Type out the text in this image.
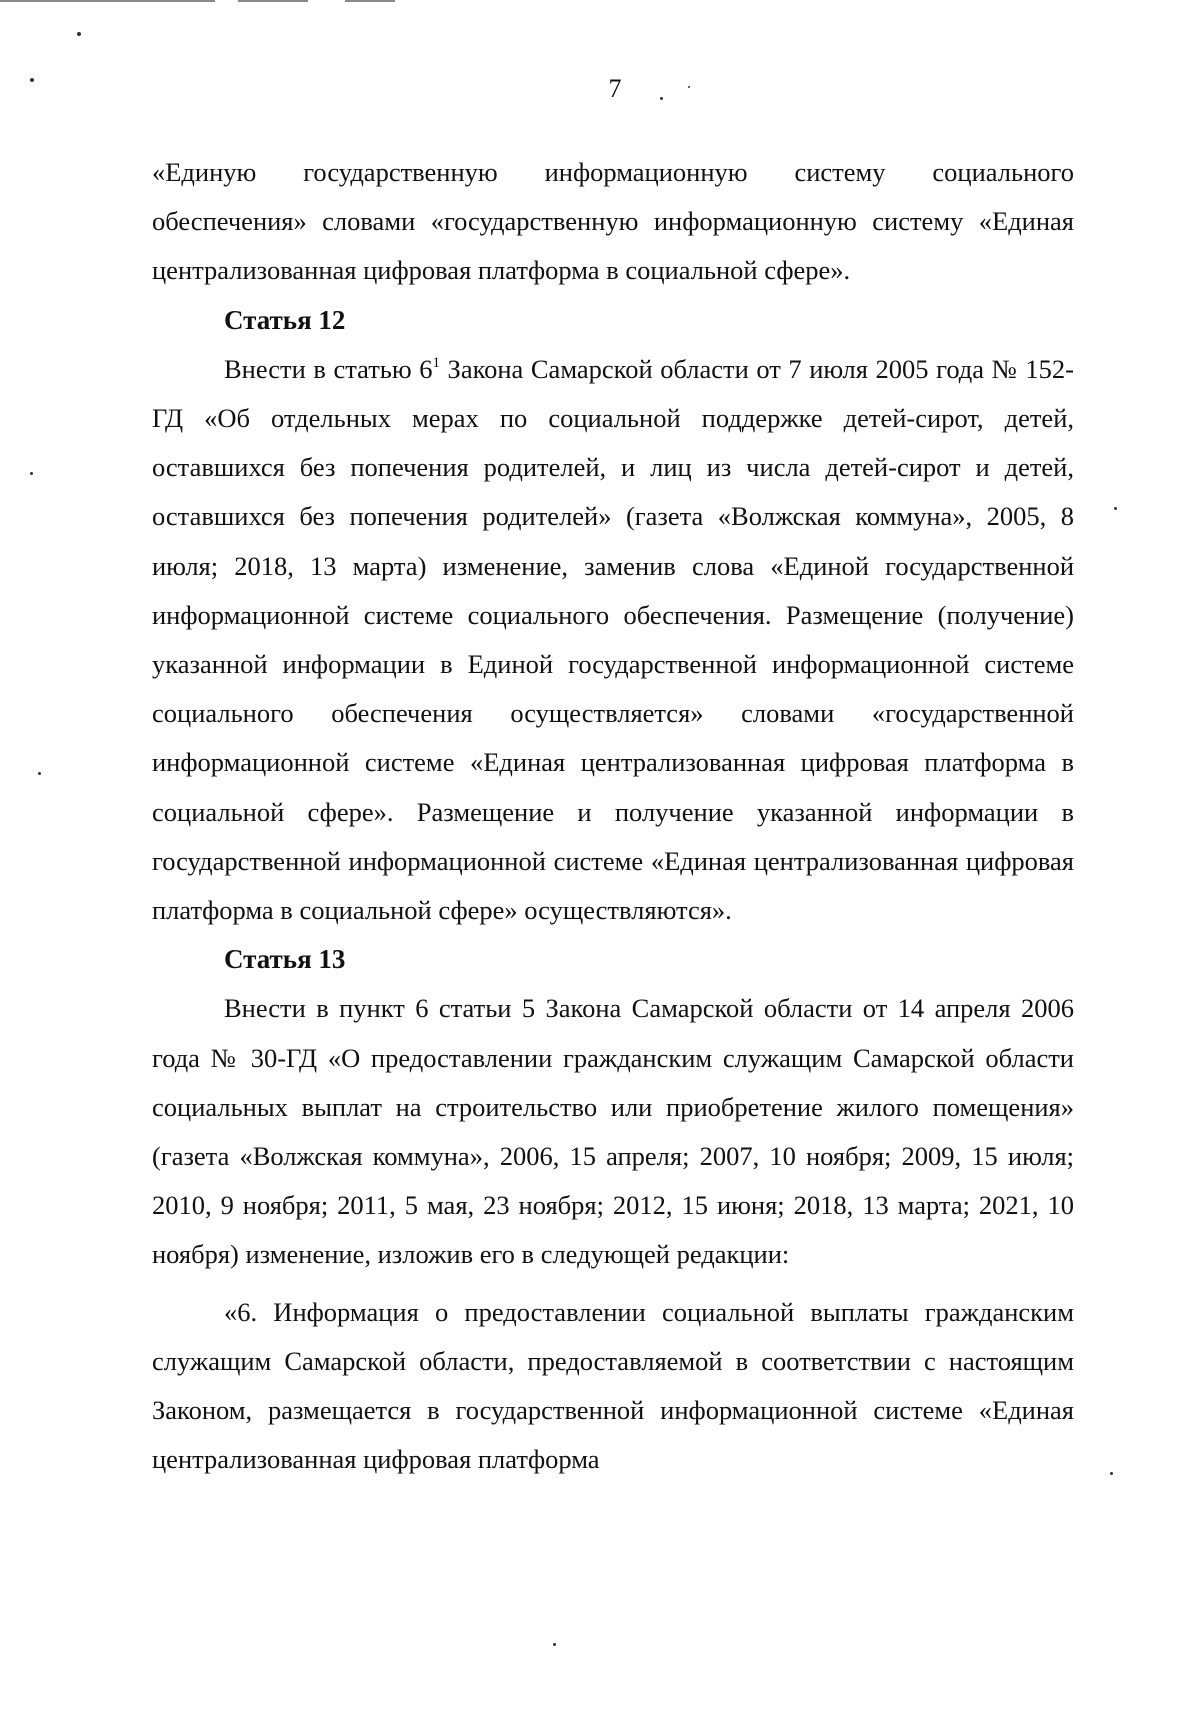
7

«Единую государственную информационную систему социального обеспечения» словами «государственную информационную систему «Единая централизованная цифровая платформа в социальной сфере».

Статья 12

Внести в статью $6^1$ Закона Самарской области от 7 июля 2005 года № 152-ГД «Об отдельных мерах по социальной поддержке детей-сирот, детей, оставшихся без попечения родителей, и лиц из числа детей-сирот и детей, оставшихся без попечения родителей» (газета «Волжская коммуна», 2005, 8 июля; 2018, 13 марта) изменение, заменив слова «Единой государственной информационной системе социального обеспечения. Размещение (получение) указанной информации в Единой государственной информационной системе социального обеспечения осуществляется» словами «государственной информационной системе «Единая централизованная цифровая платформа в социальной сфере». Размещение и получение указанной информации в государственной информационной системе «Единая централизованная цифровая платформа в социальной сфере» осуществляются».

Статья 13

Внести в пункт 6 статьи 5 Закона Самарской области от 14 апреля 2006 года № 30-ГД «О предоставлении гражданским служащим Самарской области социальных выплат на строительство или приобретение жилого помещения» (газета «Волжская коммуна», 2006, 15 апреля; 2007, 10 ноября; 2009, 15 июля; 2010, 9 ноября; 2011, 5 мая, 23 ноября; 2012, 15 июня; 2018, 13 марта; 2021, 10 ноября) изменение, изложив его в следующей редакции:

«6. Информация о предоставлении социальной выплаты гражданским служащим Самарской области, предоставляемой в соответствии с настоящим Законом, размещается в государственной информационной системе «Единая централизованная цифровая платформа
